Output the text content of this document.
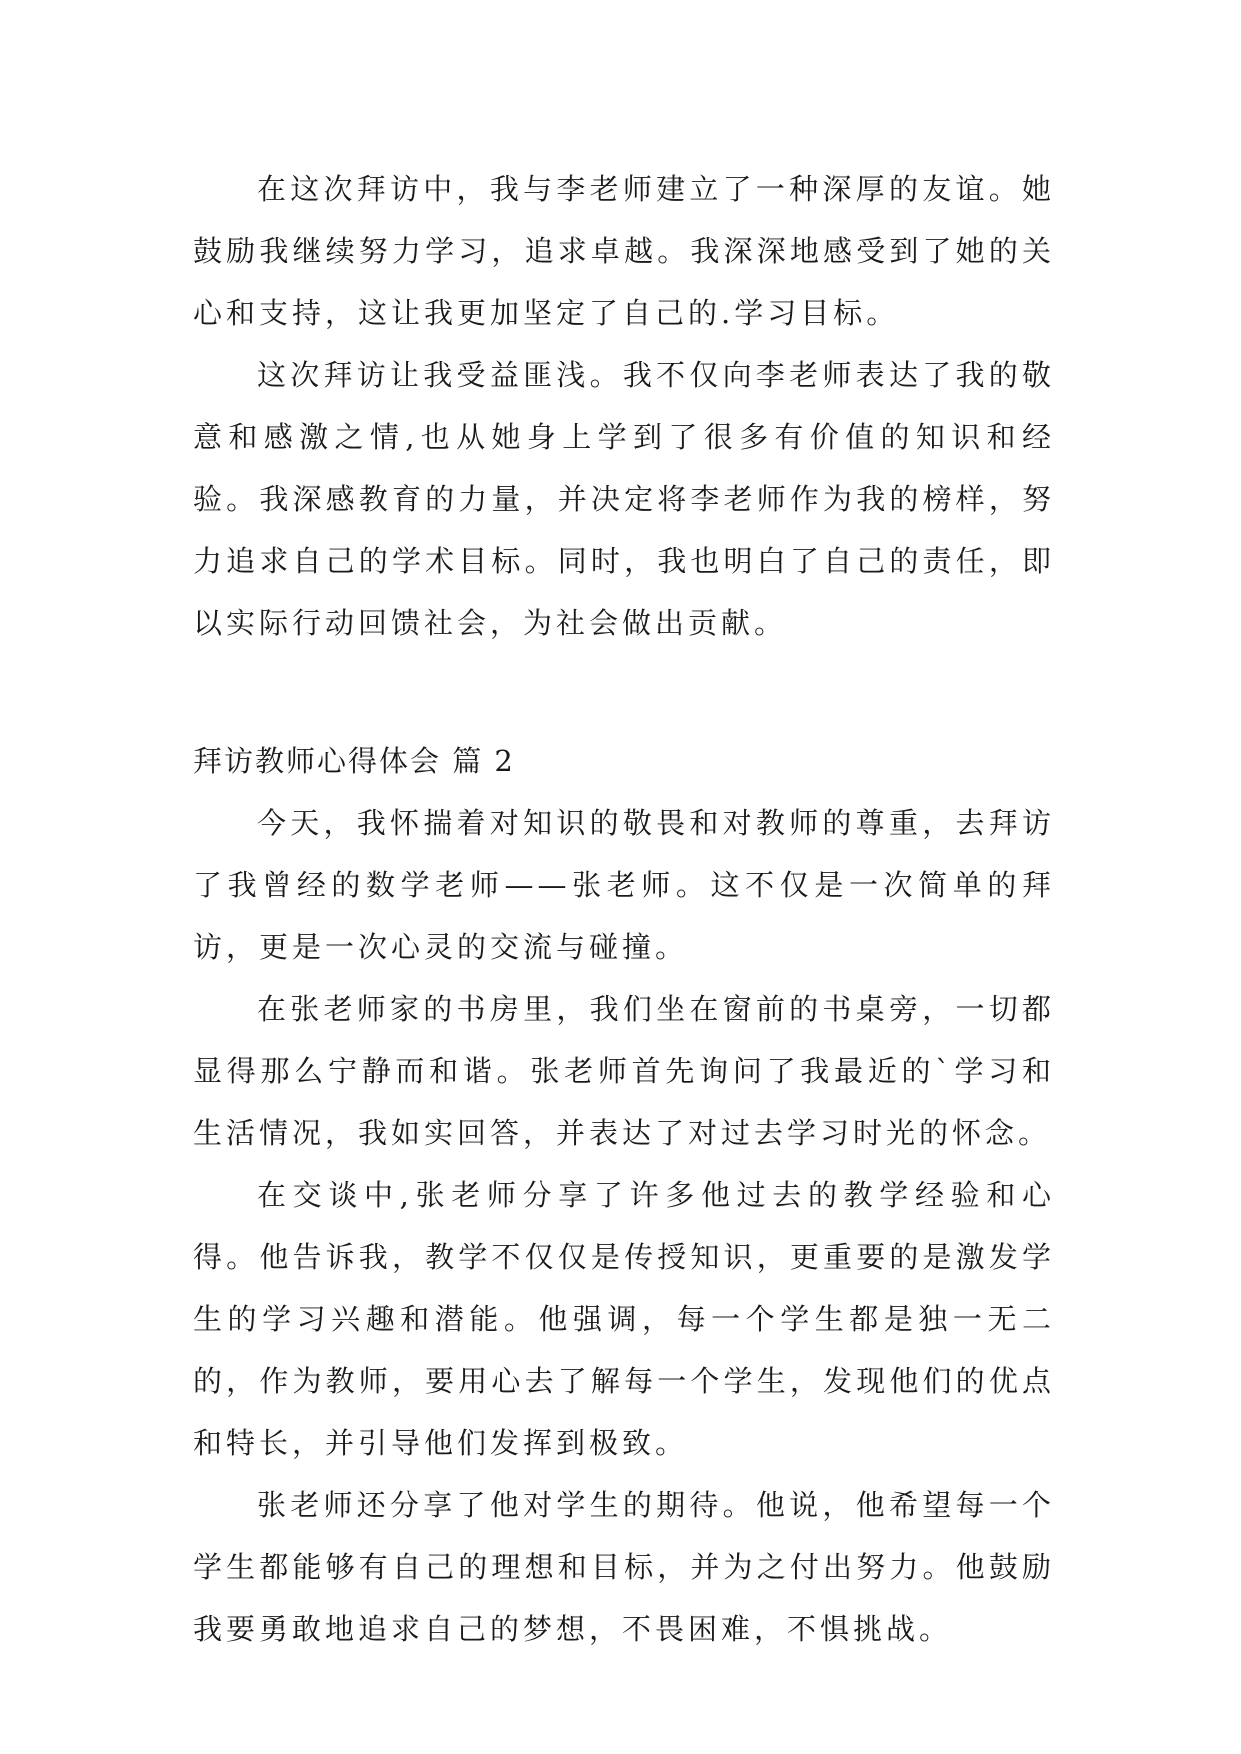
在这次拜访中，我与李老师建立了一种深厚的友谊。她鼓励我继续努力学习，追求卓越。我深深地感受到了她的关心和支持，这让我更加坚定了自己的.学习目标。

这次拜访让我受益匪浅。我不仅向李老师表达了我的敬意和感激之情,也从她身上学到了很多有价值的知识和经验。我深感教育的力量，并决定将李老师作为我的榜样，努力追求自己的学术目标。同时，我也明白了自己的责任，即以实际行动回馈社会，为社会做出贡献。

拜访教师心得体会 篇 2

今天，我怀揣着对知识的敬畏和对教师的尊重，去拜访了我曾经的数学老师——张老师。这不仅是一次简单的拜访，更是一次心灵的交流与碰撞。

在张老师家的书房里，我们坐在窗前的书桌旁，一切都显得那么宁静而和谐。张老师首先询问了我最近的`学习和生活情况，我如实回答，并表达了对过去学习时光的怀念。

在交谈中,张老师分享了许多他过去的教学经验和心得。他告诉我，教学不仅仅是传授知识，更重要的是激发学生的学习兴趣和潜能。他强调，每一个学生都是独一无二的，作为教师，要用心去了解每一个学生，发现他们的优点和特长，并引导他们发挥到极致。

张老师还分享了他对学生的期待。他说，他希望每一个学生都能够有自己的理想和目标，并为之付出努力。他鼓励我要勇敢地追求自己的梦想，不畏困难，不惧挑战。
